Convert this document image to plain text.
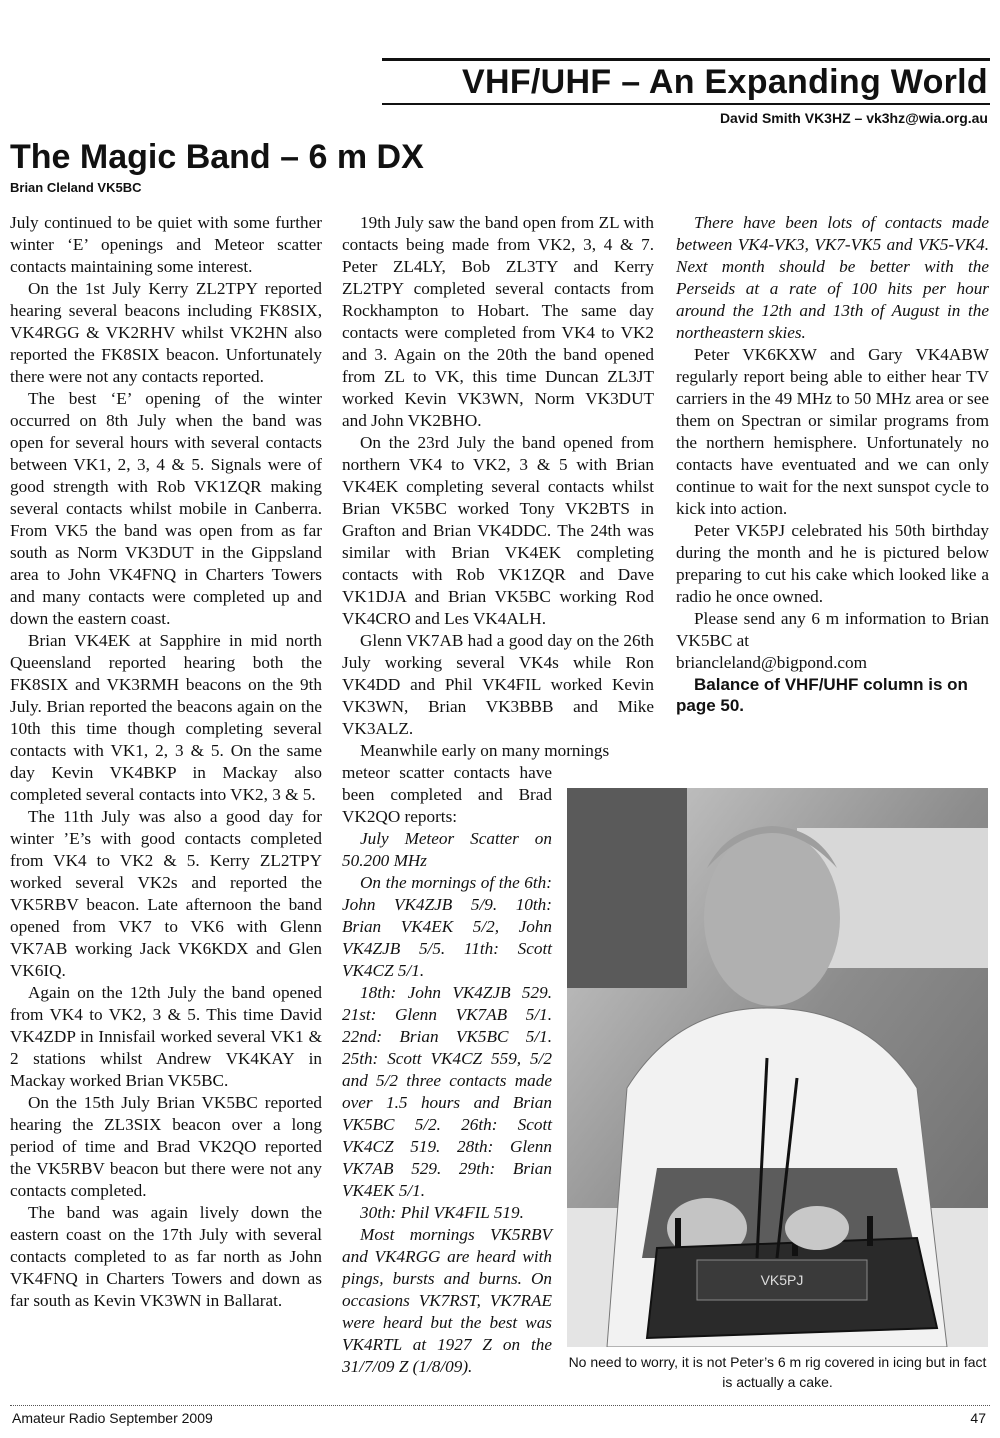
VHF/UHF – An Expanding World
David Smith VK3HZ – vk3hz@wia.org.au
The Magic Band – 6 m DX
Brian Cleland VK5BC

July continued to be quiet with some further winter ‘E’ openings and Meteor scatter contacts maintaining some interest.

On the 1st July Kerry ZL2TPY reported hearing several beacons including FK8SIX, VK4RGG & VK2RHV whilst VK2HN also reported the FK8SIX beacon. Unfortunately there were not any contacts reported.

The best ‘E’ opening of the winter occurred on 8th July when the band was open for several hours with several contacts between VK1, 2, 3, 4 & 5. Signals were of good strength with Rob VK1ZQR making several contacts whilst mobile in Canberra. From VK5 the band was open from as far south as Norm VK3DUT in the Gippsland area to John VK4FNQ in Charters Towers and many contacts were completed up and down the eastern coast.

Brian VK4EK at Sapphire in mid north Queensland reported hearing both the FK8SIX and VK3RMH beacons on the 9th July. Brian reported the beacons again on the 10th this time though completing several contacts with VK1, 2, 3 & 5. On the same day Kevin VK4BKP in Mackay also completed several contacts into VK2, 3 & 5.

The 11th July was also a good day for winter ’E’s with good contacts completed from VK4 to VK2 & 5. Kerry ZL2TPY worked several VK2s and reported the VK5RBV beacon. Late afternoon the band opened from VK7 to VK6 with Glenn VK7AB working Jack VK6KDX and Glen VK6IQ.

Again on the 12th July the band opened from VK4 to VK2, 3 & 5. This time David VK4ZDP in Innisfail worked several VK1 & 2 stations whilst Andrew VK4KAY in Mackay worked Brian VK5BC.

On the 15th July Brian VK5BC reported hearing the ZL3SIX beacon over a long period of time and Brad VK2QO reported the VK5RBV beacon but there were not any contacts completed.

The band was again lively down the eastern coast on the 17th July with several contacts completed to as far north as John VK4FNQ in Charters Towers and down as far south as Kevin VK3WN in Ballarat.

19th July saw the band open from ZL with contacts being made from VK2, 3, 4 & 7. Peter ZL4LY, Bob ZL3TY and Kerry ZL2TPY completed several contacts from Rockhampton to Hobart. The same day contacts were completed from VK4 to VK2 and 3. Again on the 20th the band opened from ZL to VK, this time Duncan ZL3JT worked Kevin VK3WN, Norm VK3DUT and John VK2BHO.

On the 23rd July the band opened from northern VK4 to VK2, 3 & 5 with Brian VK4EK completing several contacts whilst Brian VK5BC worked Tony VK2BTS in Grafton and Brian VK4DDC. The 24th was similar with Brian VK4EK completing contacts with Rob VK1ZQR and Dave VK1DJA and Brian VK5BC working Rod VK4CRO and Les VK4ALH.

Glenn VK7AB had a good day on the 26th July working several VK4s while Ron VK4DD and Phil VK4FIL worked Kevin VK3WN, Brian VK3BBB and Mike VK3ALZ.

Meanwhile early on many mornings

meteor scatter contacts have been completed and Brad VK2QO reports:

July Meteor Scatter on 50.200 MHz

On the mornings of the 6th: John VK4ZJB 5/9. 10th: Brian VK4EK 5/2, John VK4ZJB 5/5. 11th: Scott VK4CZ 5/1.

18th: John VK4ZJB 529. 21st: Glenn VK7AB 5/1. 22nd: Brian VK5BC 5/1. 25th: Scott VK4CZ 559, 5/2 and 5/2 three contacts made over 1.5 hours and Brian VK5BC 5/2. 26th: Scott VK4CZ 519. 28th: Glenn VK7AB 529. 29th: Brian VK4EK 5/1.

30th: Phil VK4FIL 519.

Most mornings VK5RBV and VK4RGG are heard with pings, bursts and burns. On occasions VK7RST, VK7RAE were heard but the best was VK4RTL at 1927 Z on the 31/7/09 Z (1/8/09).

There have been lots of contacts made between VK4-VK3, VK7-VK5 and VK5-VK4. Next month should be better with the Perseids at a rate of 100 hits per hour around the 12th and 13th of August in the northeastern skies.

Peter VK6KXW and Gary VK4ABW regularly report being able to either hear TV carriers in the 49 MHz to 50 MHz area or see them on Spectran or similar programs from the northern hemisphere. Unfortunately no contacts have eventuated and we can only continue to wait for the next sunspot cycle to kick into action.

Peter VK5PJ celebrated his 50th birthday during the month and he is pictured below preparing to cut his cake which looked like a radio he once owned.

Please send any 6 m information to Brian VK5BC at

briancleland@bigpond.com

Balance of VHF/UHF column is on page 50.

VK5PJ
No need to worry, it is not Peter’s 6 m rig covered in icing but in fact is actually a cake.
Amateur Radio September 2009	47
